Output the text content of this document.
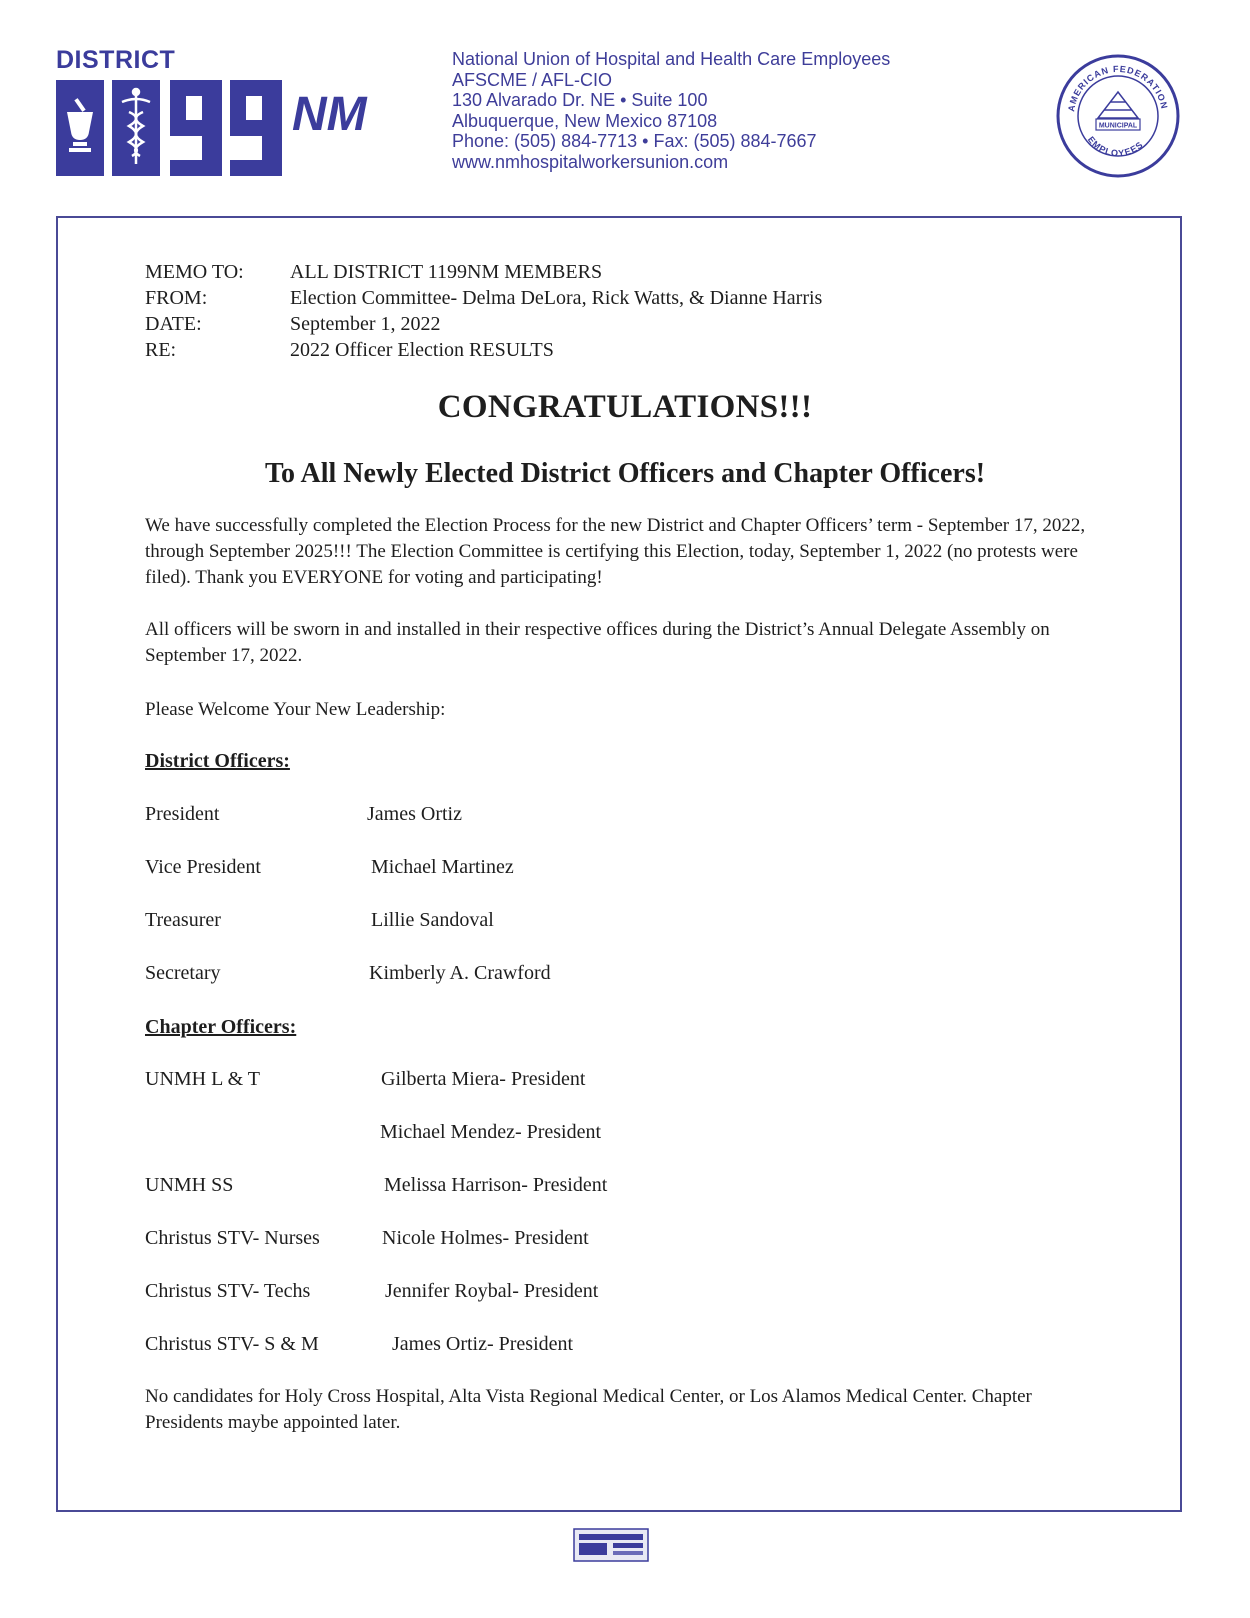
DISTRICT
NM
National Union of Hospital and Health Care Employees
AFSCME / AFL-CIO
130 Alvarado Dr. NE • Suite 100
Albuquerque, New Mexico 87108
Phone: (505) 884-7713 • Fax: (505) 884-7667
www.nmhospitalworkersunion.com
AMERICAN FEDERATION
EMPLOYEES
MUNICIPAL
MEMO TO:	ALL DISTRICT 1199NM MEMBERS
FROM:	Election Committee- Delma DeLora, Rick Watts, & Dianne Harris
DATE:	September 1, 2022
RE:	2022 Officer Election RESULTS
CONGRATULATIONS!!!
To All Newly Elected District Officers and Chapter Officers!
We have successfully completed the Election Process for the new District and Chapter Officers’ term - September 17, 2022, through September 2025!!! The Election Committee is certifying this Election, today, September 1, 2022 (no protests were filed). Thank you EVERYONE for voting and participating!
All officers will be sworn in and installed in their respective offices during the District’s Annual Delegate Assembly on September 17, 2022.
Please Welcome Your New Leadership:
District Officers:
President	James Ortiz
Vice President	Michael Martinez
Treasurer	Lillie Sandoval
Secretary	Kimberly A. Crawford
Chapter Officers:
UNMH L & T	Gilberta Miera- President
Michael Mendez- President
UNMH SS	Melissa Harrison- President
Christus STV- Nurses	Nicole Holmes- President
Christus STV- Techs	Jennifer Roybal- President
Christus STV- S & M	James Ortiz- President
No candidates for Holy Cross Hospital, Alta Vista Regional Medical Center, or Los Alamos Medical Center. Chapter Presidents maybe appointed later.
